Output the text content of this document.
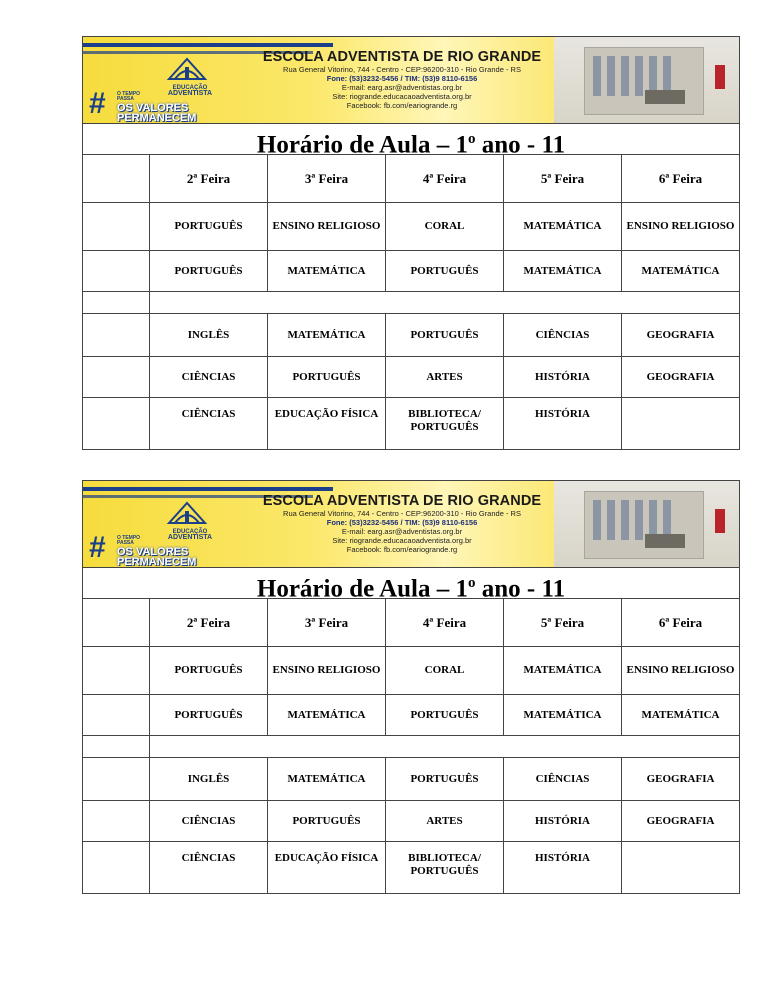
EDUCAÇÃO
ADVENTISTA
# O TEMPO PASSA
OS VALORES
PERMANECEM
ESCOLA ADVENTISTA DE RIO GRANDE
Rua General Vitorino, 744 - Centro - CEP:96200-310 - Rio Grande - RS
Fone: (53)3232-5456 / TIM: (53)9 8110-6156
E-mail: earg.asr@adventistas.org.br
Site: riogrande.educacaoadventista.org.br
Facebook: fb.com/eariogrande.rg
Horário de Aula – 1$^o$ ano - 11
	2ª Feira	3ª Feira	4ª Feira	5ª Feira	6ª Feira
	PORTUGUÊS	ENSINO RELIGIOSO	CORAL	MATEMÁTICA	ENSINO RELIGIOSO
	PORTUGUÊS	MATEMÁTICA	PORTUGUÊS	MATEMÁTICA	MATEMÁTICA

	INGLÊS	MATEMÁTICA	PORTUGUÊS	CIÊNCIAS	GEOGRAFIA
	CIÊNCIAS	PORTUGUÊS	ARTES	HISTÓRIA	GEOGRAFIA
	CIÊNCIAS	EDUCAÇÃO FÍSICA	BIBLIOTECA/ PORTUGUÊS	HISTÓRIA	
EDUCAÇÃO
ADVENTISTA
# O TEMPO PASSA
OS VALORES
PERMANECEM
ESCOLA ADVENTISTA DE RIO GRANDE
Rua General Vitorino, 744 - Centro - CEP:96200-310 - Rio Grande - RS
Fone: (53)3232-5456 / TIM: (53)9 8110-6156
E-mail: earg.asr@adventistas.org.br
Site: riogrande.educacaoadventista.org.br
Facebook: fb.com/eariogrande.rg
Horário de Aula – 1$^o$ ano - 11
	2ª Feira	3ª Feira	4ª Feira	5ª Feira	6ª Feira
	PORTUGUÊS	ENSINO RELIGIOSO	CORAL	MATEMÁTICA	ENSINO RELIGIOSO
	PORTUGUÊS	MATEMÁTICA	PORTUGUÊS	MATEMÁTICA	MATEMÁTICA

	INGLÊS	MATEMÁTICA	PORTUGUÊS	CIÊNCIAS	GEOGRAFIA
	CIÊNCIAS	PORTUGUÊS	ARTES	HISTÓRIA	GEOGRAFIA
	CIÊNCIAS	EDUCAÇÃO FÍSICA	BIBLIOTECA/ PORTUGUÊS	HISTÓRIA	
